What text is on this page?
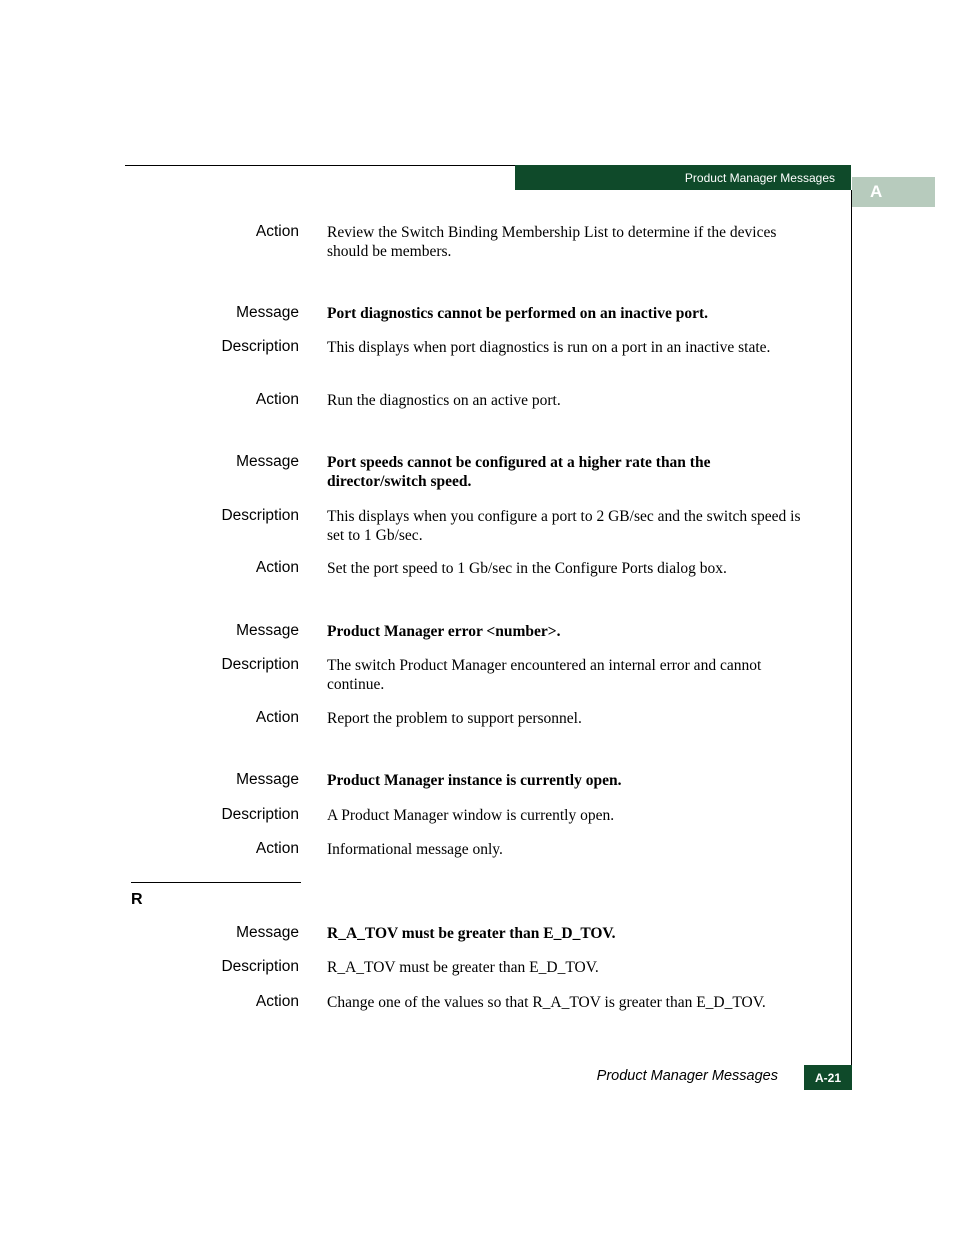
Product Manager Messages
A
Action Review the Switch Binding Membership List to determine if the devices should be members.
Message Port diagnostics cannot be performed on an inactive port.
Description This displays when port diagnostics is run on a port in an inactive state.
Action Run the diagnostics on an active port.
Message Port speeds cannot be configured at a higher rate than the director/switch speed.
Description This displays when you configure a port to 2 GB/sec and the switch speed is set to 1 Gb/sec.
Action Set the port speed to 1 Gb/sec in the Configure Ports dialog box.
Message Product Manager error <number>.
Description The switch Product Manager encountered an internal error and cannot continue.
Action Report the problem to support personnel.
Message Product Manager instance is currently open.
Description A Product Manager window is currently open.
Action Informational message only.
R
Message R_A_TOV must be greater than E_D_TOV.
Description R_A_TOV must be greater than E_D_TOV.
Action Change one of the values so that R_A_TOV is greater than E_D_TOV.
Product Manager Messages	A-21
